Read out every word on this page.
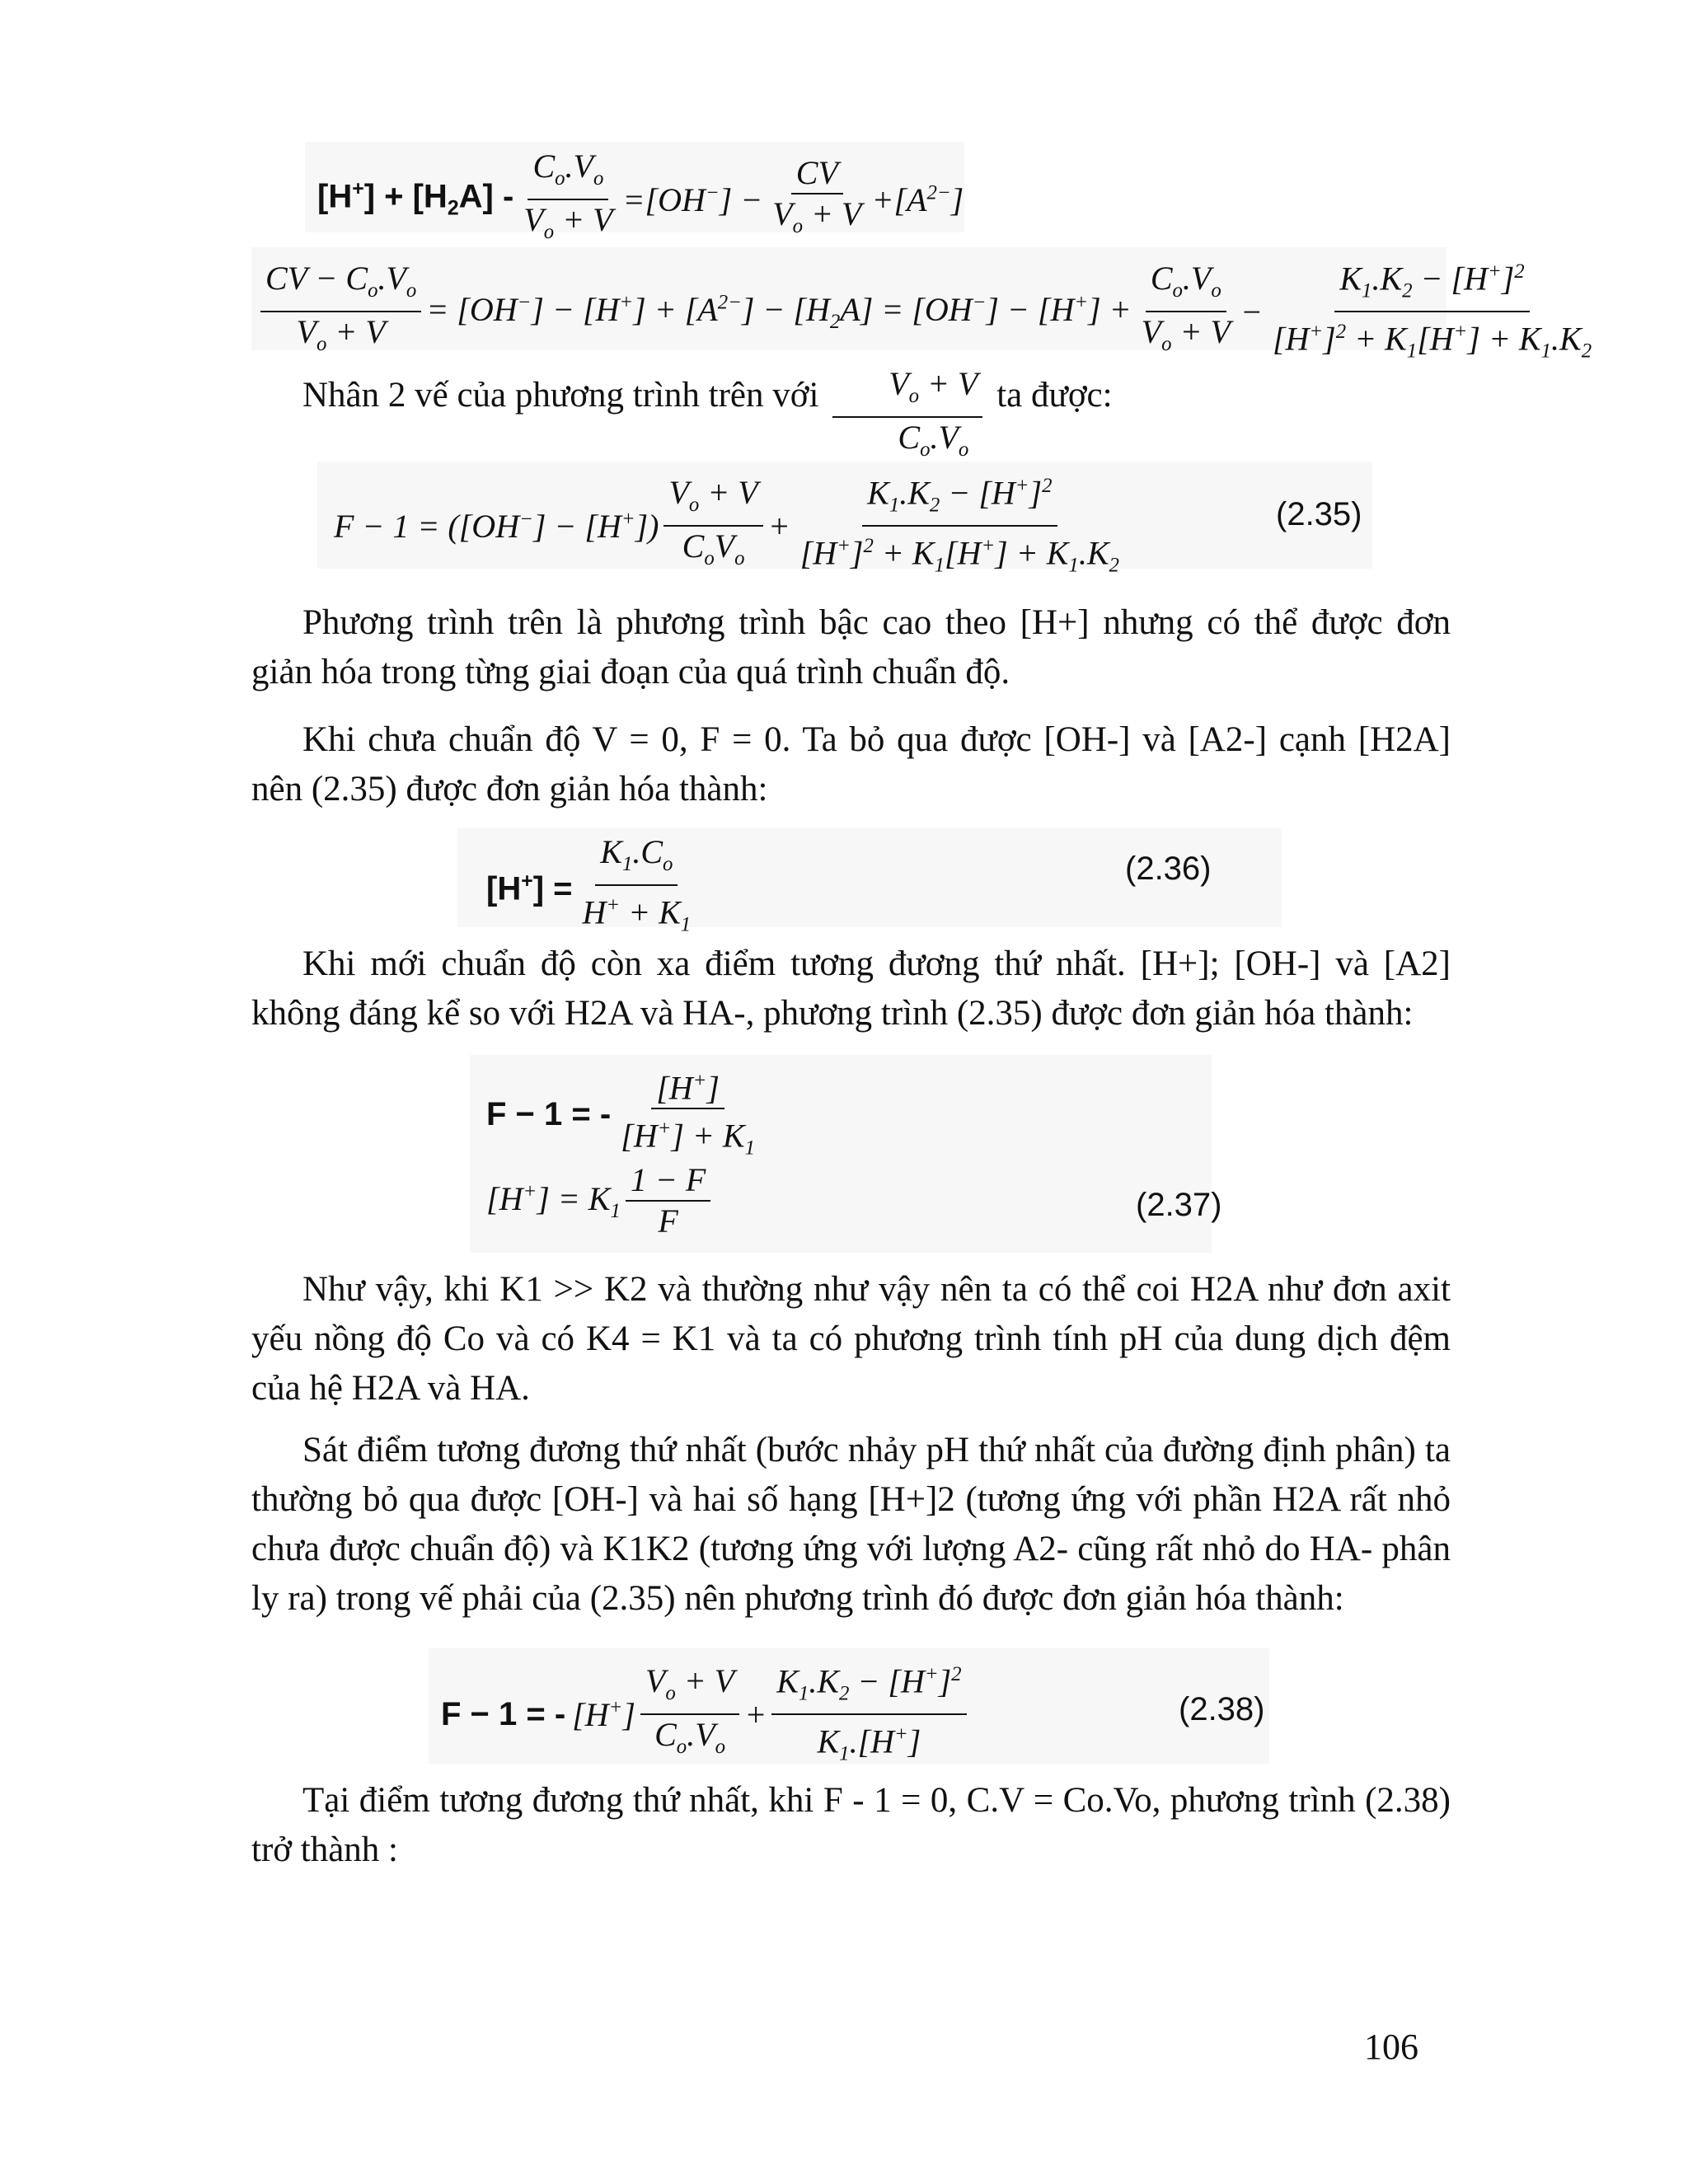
$[H^+] + [H_2A] - \frac{C_o.V_o}{V_o + V} =[OH^-] - \frac{CV}{V_o + V} +[A^{2-}]$
$\frac{CV - C_o.V_o}{V_o + V} = [OH^-] - [H^+] + [A^{2-}] - [H_2A] = [OH^-] - [H^+] + \frac{C_o.V_o}{V_o + V} - \frac{K_1.K_2 - [H^+]^2}{[H^+]^2 + K_1[H^+] + K_1.K_2}$
Nhân 2 vế của phương trình trên với $\frac{V_o + V}{C_o.V_o}$ ta được:
$F - 1 = ([OH^-] - [H^+]) \frac{V_o + V}{C_oV_o} + \frac{K_1.K_2 - [H^+]^2}{[H^+]^2 + K_1[H^+] + K_1.K_2}$	(2.35)
Phương trình trên là phương trình bậc cao theo [H+] nhưng có thể được đơn giản hóa trong từng giai đoạn của quá trình chuẩn độ.
Khi chưa chuẩn độ V = 0, F = 0. Ta bỏ qua được [OH-] và [A2-] cạnh [H2A] nên (2.35) được đơn giản hóa thành:
$[H^+] = \frac{K_1.C_o}{H^+ + K_1}$	(2.36)
Khi mới chuẩn độ còn xa điểm tương đương thứ nhất. [H+]; [OH-] và [A2] không đáng kể so với H2A và HA-, phương trình (2.35) được đơn giản hóa thành:
F − 1 = - $\frac{[H^+]}{[H^+] + K_1}$
$[H^+] = K_1 \frac{1 - F}{F}$	(2.37)
Như vậy, khi K1 >> K2 và thường như vậy nên ta có thể coi H2A như đơn axit yếu nồng độ Co và có K4 = K1 và ta có phương trình tính pH của dung dịch đệm của hệ H2A và HA.
Sát điểm tương đương thứ nhất (bước nhảy pH thứ nhất của đường định phân) ta thường bỏ qua được [OH-] và hai số hạng [H+]2 (tương ứng với phần H2A rất nhỏ chưa được chuẩn độ) và K1K2 (tương ứng với lượng A2- cũng rất nhỏ do HA- phân ly ra) trong vế phải của (2.35) nên phương trình đó được đơn giản hóa thành:
F − 1 = - $[H^+] \frac{V_o + V}{C_o.V_o} + \frac{K_1.K_2 - [H^+]^2}{K_1.[H^+]}$	(2.38)
Tại điểm tương đương thứ nhất, khi F - 1 = 0, C.V = Co.Vo, phương trình (2.38) trở thành :
106
